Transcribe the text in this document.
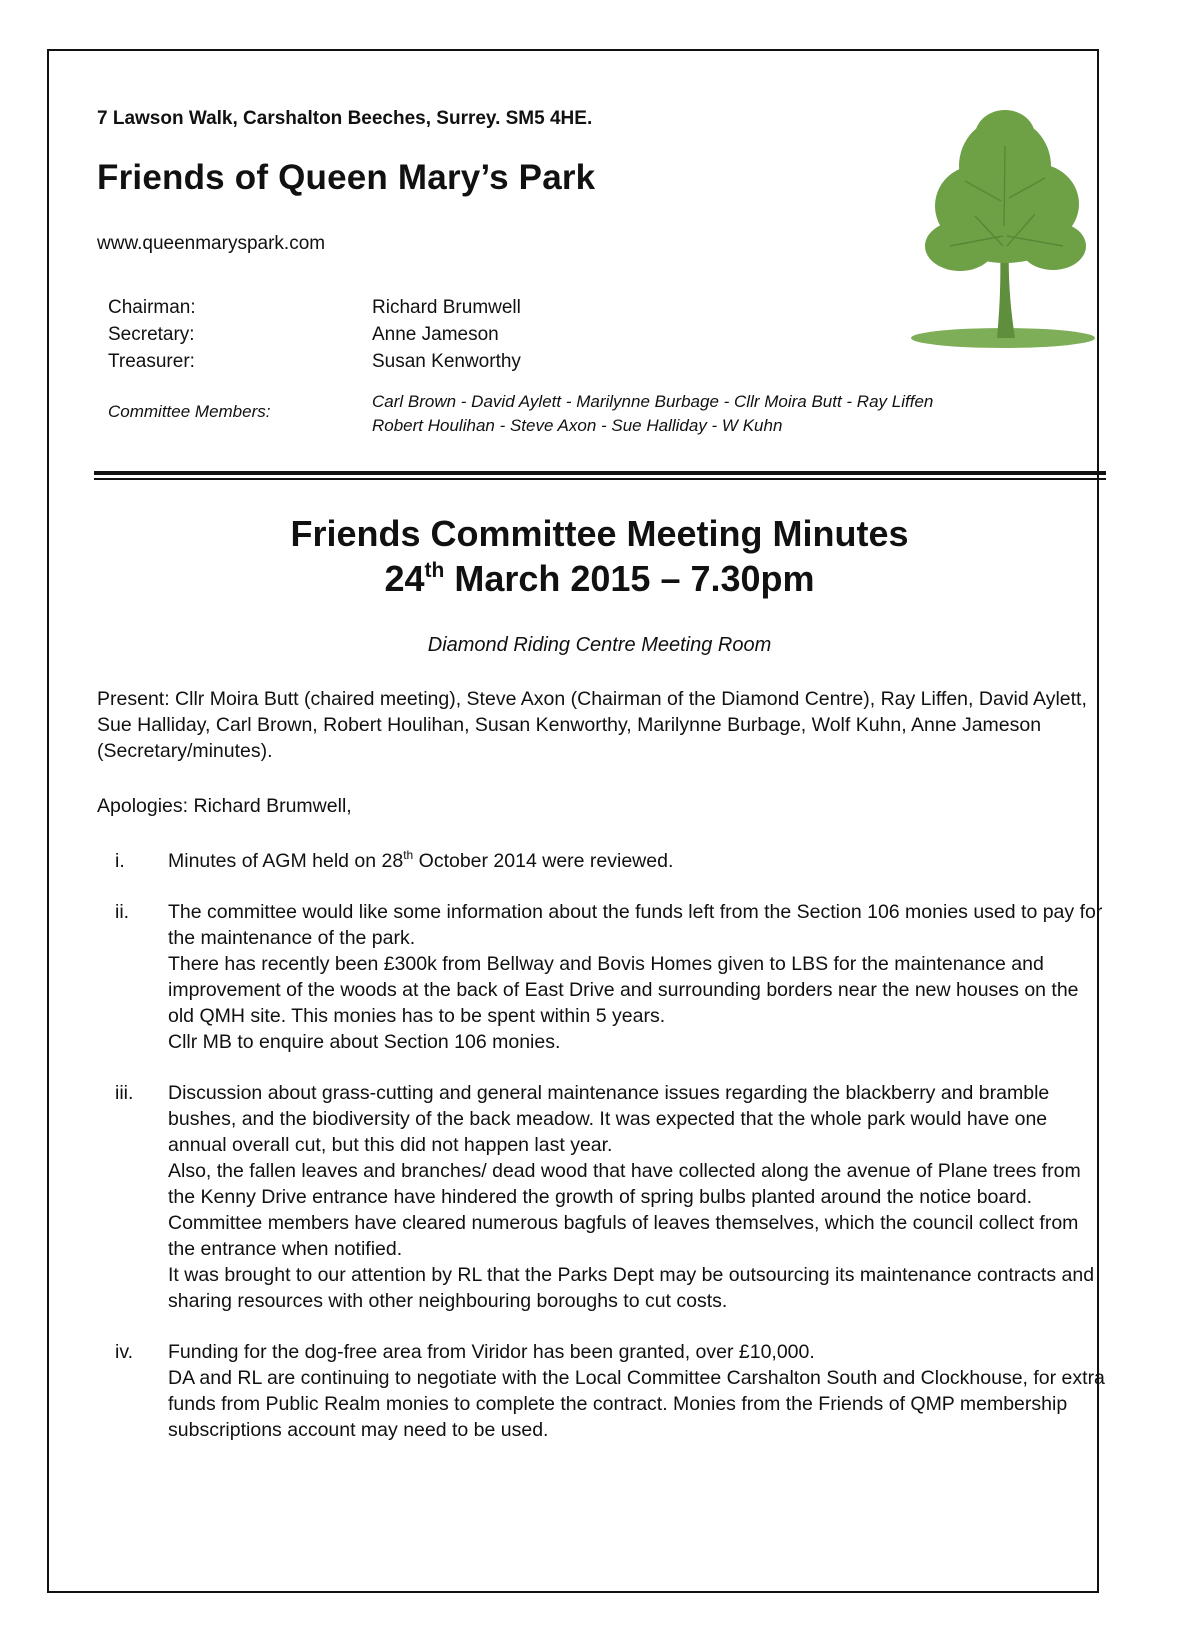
7 Lawson Walk, Carshalton Beeches, Surrey. SM5 4HE.
Friends of Queen Mary’s Park
www.queenmaryspark.com
Chairman:	Richard Brumwell
Secretary:	Anne Jameson
Treasurer:	Susan Kenworthy
Committee Members:
Carl Brown - David Aylett - Marilynne Burbage - Cllr Moira Butt - Ray Liffen
Robert Houlihan - Steve Axon - Sue Halliday - W Kuhn
Friends Committee Meeting Minutes
24th March 2015 – 7.30pm
Diamond Riding Centre Meeting Room
Present: Cllr Moira Butt (chaired meeting), Steve Axon (Chairman of the Diamond Centre), Ray Liffen, David Aylett, Sue Halliday, Carl Brown, Robert Houlihan, Susan Kenworthy, Marilynne Burbage, Wolf Kuhn, Anne Jameson (Secretary/minutes).
Apologies: Richard Brumwell,
i. Minutes of AGM held on 28th October 2014 were reviewed.

ii. The committee would like some information about the funds left from the Section 106 monies used to pay for the maintenance of the park.

There has recently been £300k from Bellway and Bovis Homes given to LBS for the maintenance and improvement of the woods at the back of East Drive and surrounding borders near the new houses on the old QMH site. This monies has to be spent within 5 years.

Cllr MB to enquire about Section 106 monies.

iii. Discussion about grass-cutting and general maintenance issues regarding the blackberry and bramble bushes, and the biodiversity of the back meadow. It was expected that the whole park would have one annual overall cut, but this did not happen last year.

Also, the fallen leaves and branches/ dead wood that have collected along the avenue of Plane trees from the Kenny Drive entrance have hindered the growth of spring bulbs planted around the notice board. Committee members have cleared numerous bagfuls of leaves themselves, which the council collect from the entrance when notified.

It was brought to our attention by RL that the Parks Dept may be outsourcing its maintenance contracts and sharing resources with other neighbouring boroughs to cut costs.

iv. Funding for the dog-free area from Viridor has been granted, over £10,000.

DA and RL are continuing to negotiate with the Local Committee Carshalton South and Clockhouse, for extra funds from Public Realm monies to complete the contract. Monies from the Friends of QMP membership subscriptions account may need to be used.
